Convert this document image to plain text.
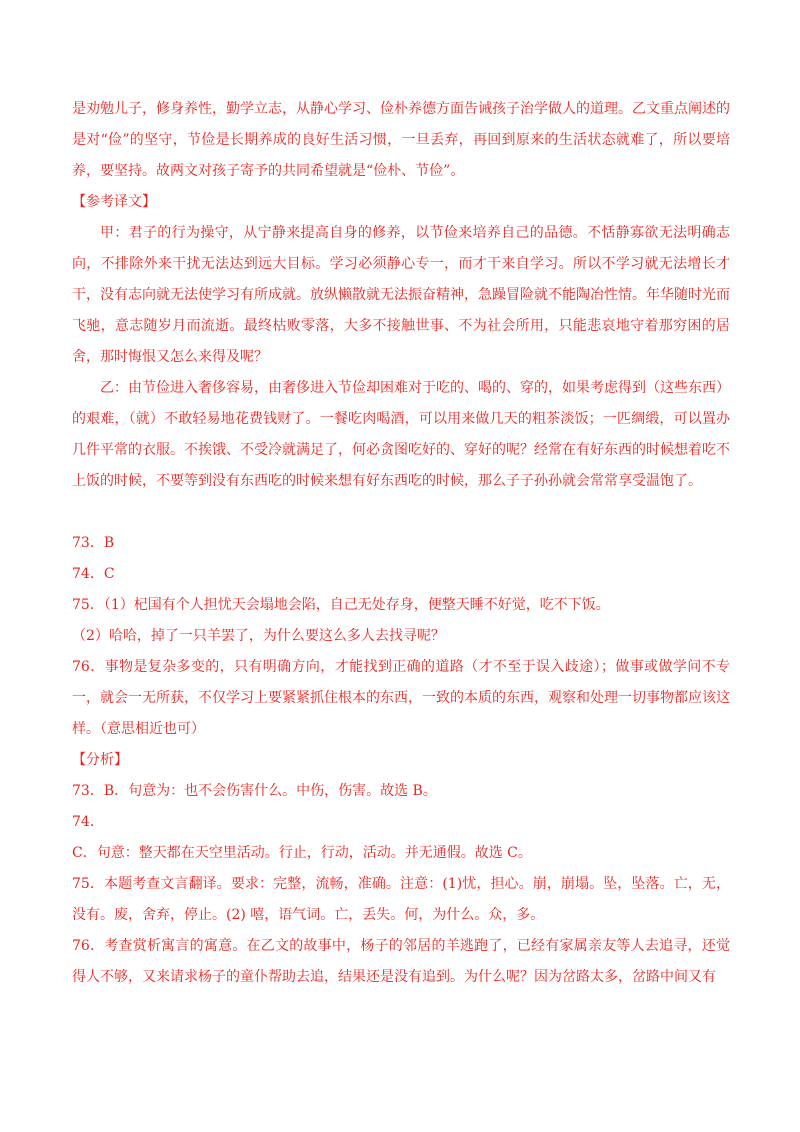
是劝勉儿子，修身养性，勤学立志，从静心学习、俭朴养德方面告诫孩子治学做人的道理。乙文重点阐述的是对“俭”的坚守，节俭是长期养成的良好生活习惯，一旦丢弃，再回到原来的生活状态就难了，所以要培养，要坚持。故两文对孩子寄予的共同希望就是“俭朴、节俭”。

【参考译文】

甲：君子的行为操守，从宁静来提高自身的修养，以节俭来培养自己的品德。不恬静寡欲无法明确志向，不排除外来干扰无法达到远大目标。学习必须静心专一，而才干来自学习。所以不学习就无法增长才干，没有志向就无法使学习有所成就。放纵懒散就无法振奋精神，急躁冒险就不能陶冶性情。年华随时光而飞驰，意志随岁月而流逝。最终枯败零落，大多不接触世事、不为社会所用，只能悲哀地守着那穷困的居舍，那时悔恨又怎么来得及呢？

乙：由节俭进入奢侈容易，由奢侈进入节俭却困难对于吃的、喝的、穿的，如果考虑得到（这些东西）的艰难，（就）不敢轻易地花费钱财了。一餐吃肉喝酒，可以用来做几天的粗茶淡饭；一匹绸缎，可以置办几件平常的衣服。不挨饿、不受冷就满足了，何必贪图吃好的、穿好的呢？经常在有好东西的时候想着吃不上饭的时候，不要等到没有东西吃的时候来想有好东西吃的时候，那么子子孙孙就会常常享受温饱了。

73．B

74．C

75．（1）杞国有个人担忧天会塌地会陷，自己无处存身，便整天睡不好觉，吃不下饭。

（2）哈哈，掉了一只羊罢了，为什么要这么多人去找寻呢？

76．事物是复杂多变的，只有明确方向，才能找到正确的道路（才不至于误入歧途）；做事或做学问不专一，就会一无所获，不仅学习上要紧紧抓住根本的东西，一致的本质的东西，观察和处理一切事物都应该这样。（意思相近也可）

【分析】

73．B．句意为：也不会伤害什么。中伤，伤害。故选 B。

74．

C．句意：整天都在天空里活动。行止，行动，活动。并无通假。故选 C。

75．本题考查文言翻译。要求：完整，流畅，准确。注意：(1)忧，担心。崩，崩塌。坠，坠落。亡，无，没有。废，舍弃，停止。(2) 嘻，语气词。亡，丢失。何，为什么。众，多。

76．考查赏析寓言的寓意。在乙文的故事中，杨子的邻居的羊逃跑了，已经有家属亲友等人去追寻，还觉得人不够，又来请求杨子的童仆帮助去追，结果还是没有追到。为什么呢？因为岔路太多，岔路中间又有
